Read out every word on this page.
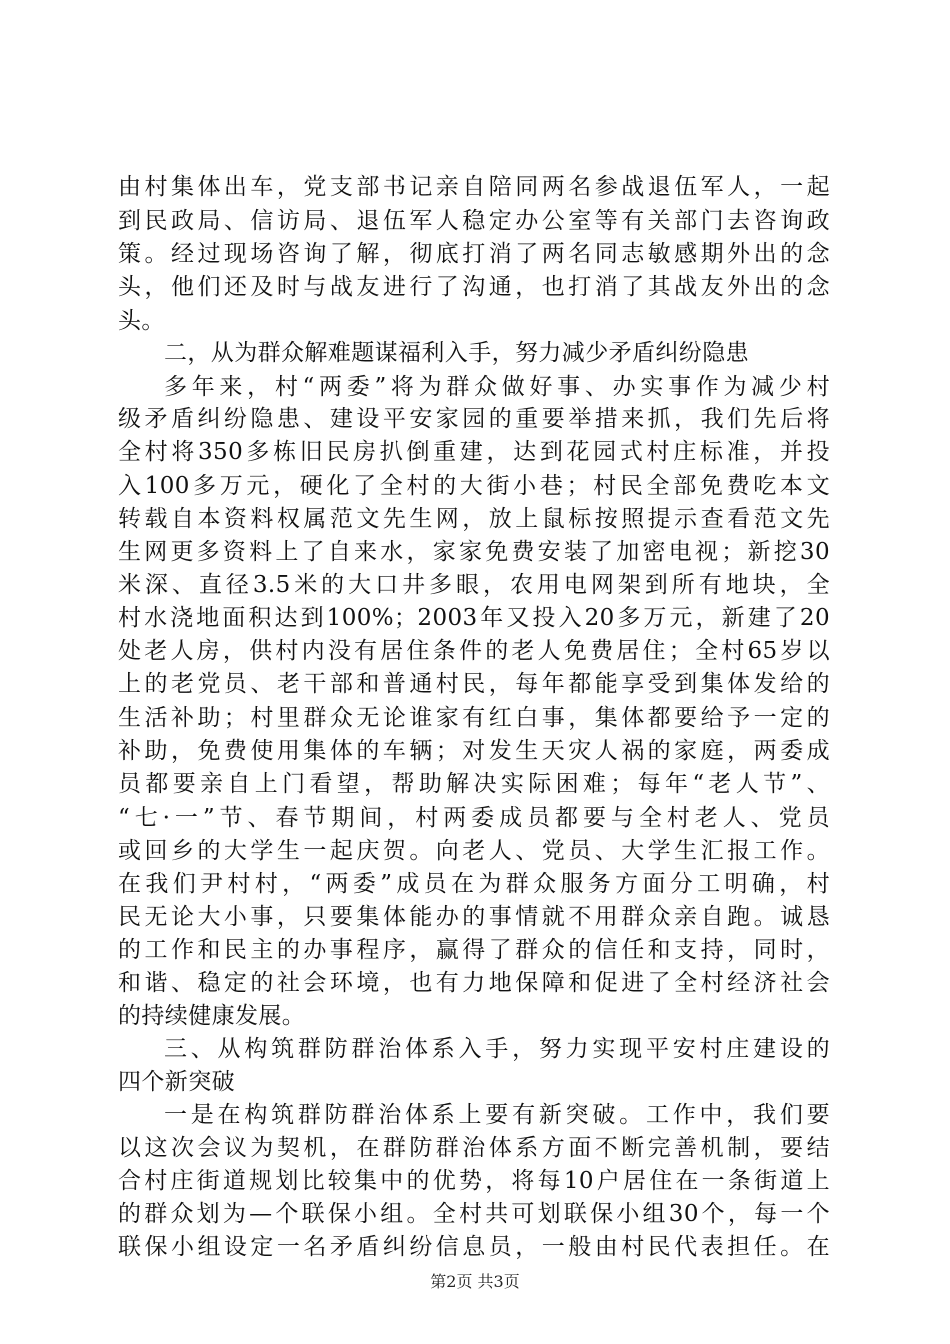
由村集体出车，党支部书记亲自陪同两名参战退伍军人，一起
到民政局、信访局、退伍军人稳定办公室等有关部门去咨询政
策。经过现场咨询了解，彻底打消了两名同志敏感期外出的念
头，他们还及时与战友进行了沟通，也打消了其战友外出的念
头。
二，从为群众解难题谋福利入手，努力减少矛盾纠纷隐患
多年来，村“两委”将为群众做好事、办实事作为减少村
级矛盾纠纷隐患、建设平安家园的重要举措来抓，我们先后将
全村将350多栋旧民房扒倒重建，达到花园式村庄标准，并投
入100多万元，硬化了全村的大街小巷；村民全部免费吃本文
转载自本资料权属范文先生网，放上鼠标按照提示查看范文先
生网更多资料上了自来水，家家免费安装了加密电视；新挖30
米深、直径3.5米的大口井多眼，农用电网架到所有地块，全
村水浇地面积达到100%；2003年又投入20多万元，新建了20
处老人房，供村内没有居住条件的老人免费居住；全村65岁以
上的老党员、老干部和普通村民，每年都能享受到集体发给的
生活补助；村里群众无论谁家有红白事，集体都要给予一定的
补助，免费使用集体的车辆；对发生天灾人祸的家庭，两委成
员都要亲自上门看望，帮助解决实际困难；每年“老人节”、
“七·一”节、春节期间，村两委成员都要与全村老人、党员
或回乡的大学生一起庆贺。向老人、党员、大学生汇报工作。
在我们尹村村，“两委”成员在为群众服务方面分工明确，村
民无论大小事，只要集体能办的事情就不用群众亲自跑。诚恳
的工作和民主的办事程序，赢得了群众的信任和支持，同时，
和谐、稳定的社会环境，也有力地保障和促进了全村经济社会
的持续健康发展。
三、从构筑群防群治体系入手，努力实现平安村庄建设的
四个新突破
一是在构筑群防群治体系上要有新突破。工作中，我们要
以这次会议为契机，在群防群治体系方面不断完善机制，要结
合村庄街道规划比较集中的优势，将每10户居住在一条街道上
的群众划为—个联保小组。全村共可划联保小组30个，每一个
联保小组设定一名矛盾纠纷信息员，一般由村民代表担任。在
第2页 共3页
